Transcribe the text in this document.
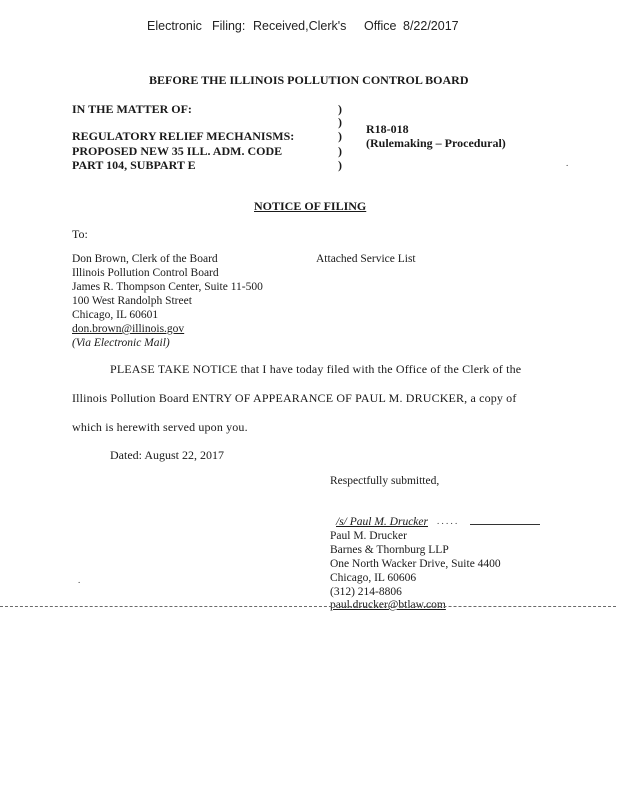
Electronic Filing: Received,Clerk's Office 8/22/2017
BEFORE THE ILLINOIS POLLUTION CONTROL BOARD
IN THE MATTER OF:
REGULATORY RELIEF MECHANISMS:
PROPOSED NEW 35 ILL. ADM. CODE
PART 104, SUBPART E
)
)
)
)
)
R18-018
(Rulemaking – Procedural)
.
NOTICE OF FILING
To:
Don Brown, Clerk of the Board
Illinois Pollution Control Board
James R. Thompson Center, Suite 11-500
100 West Randolph Street
Chicago, IL 60601
don.brown@illinois.gov
(Via Electronic Mail)
Attached Service List
PLEASE TAKE NOTICE that I have today filed with the Office of the Clerk of the
Illinois Pollution Board ENTRY OF APPEARANCE OF PAUL M. DRUCKER, a copy of
which is herewith served upon you.
Dated: August 22, 2017
Respectfully submitted,
/s/ Paul M. Drucker . . . . .
Paul M. Drucker
Barnes & Thornburg LLP
One North Wacker Drive, Suite 4400
Chicago, IL 60606
(312) 214-8806
paul.drucker@btlaw.com
.
